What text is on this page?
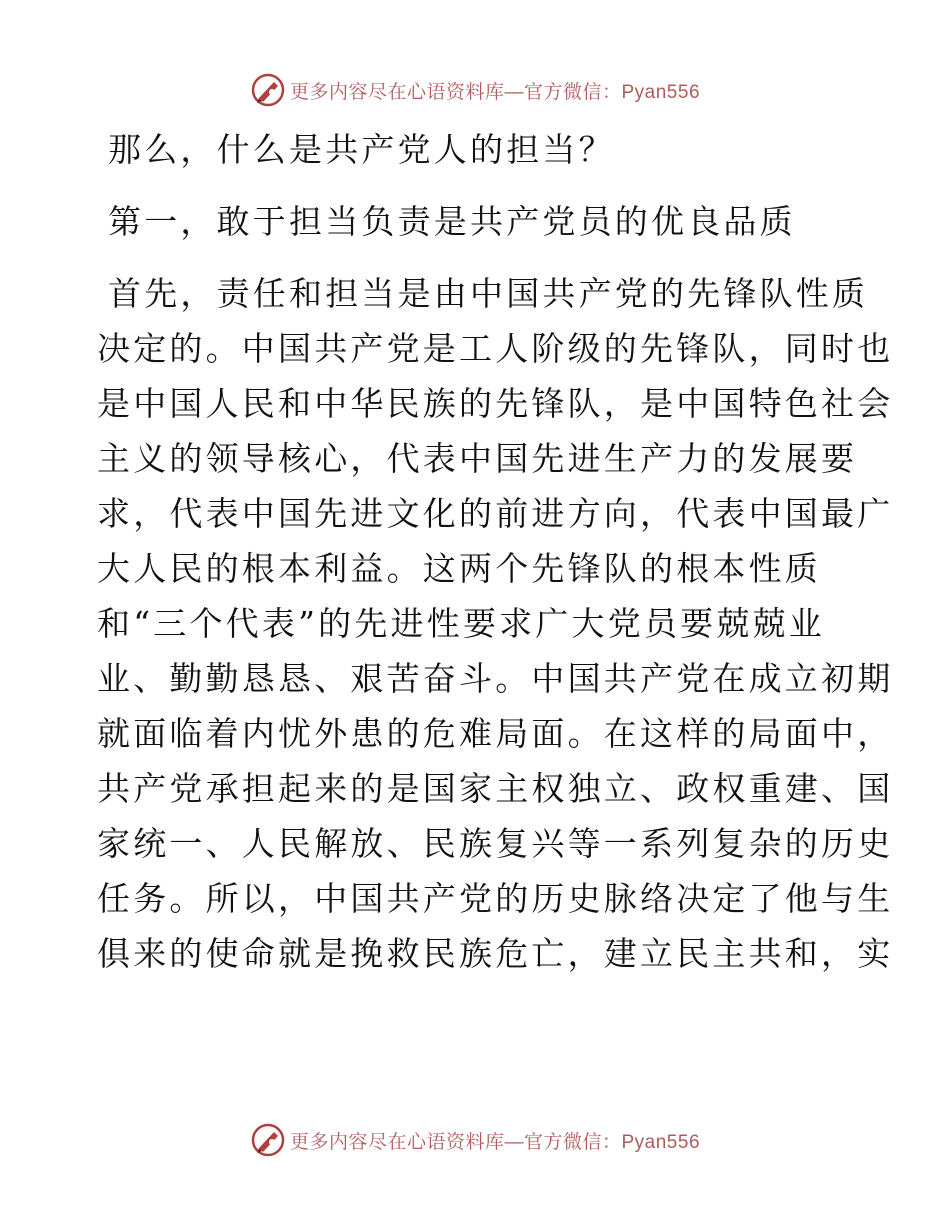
更多内容尽在心语资料库 —官方微信：Pyan556
那么，什么是共产党人的担当？
第一，敢于担当负责是共产党员的优良品质
首先，责任和担当是由中国共产党的先锋队性质
决定的。中国共产党是工人阶级的先锋队，同时也
是中国人民和中华民族的先锋队，是中国特色社会
主义的领导核心，代表中国先进生产力的发展要
求，代表中国先进文化的前进方向，代表中国最广
大人民的根本利益。这两个先锋队的根本性质
和“三个代表”的先进性要求广大党员要兢兢业
业、勤勤恳恳、艰苦奋斗。中国共产党在成立初期
就面临着内忧外患的危难局面。在这样的局面中，
共产党承担起来的是国家主权独立、政权重建、国
家统一、人民解放、民族复兴等一系列复杂的历史
任务。所以，中国共产党的历史脉络决定了他与生
俱来的使命就是挽救民族危亡，建立民主共和，实
更多内容尽在心语资料库 —官方微信：Pyan556
